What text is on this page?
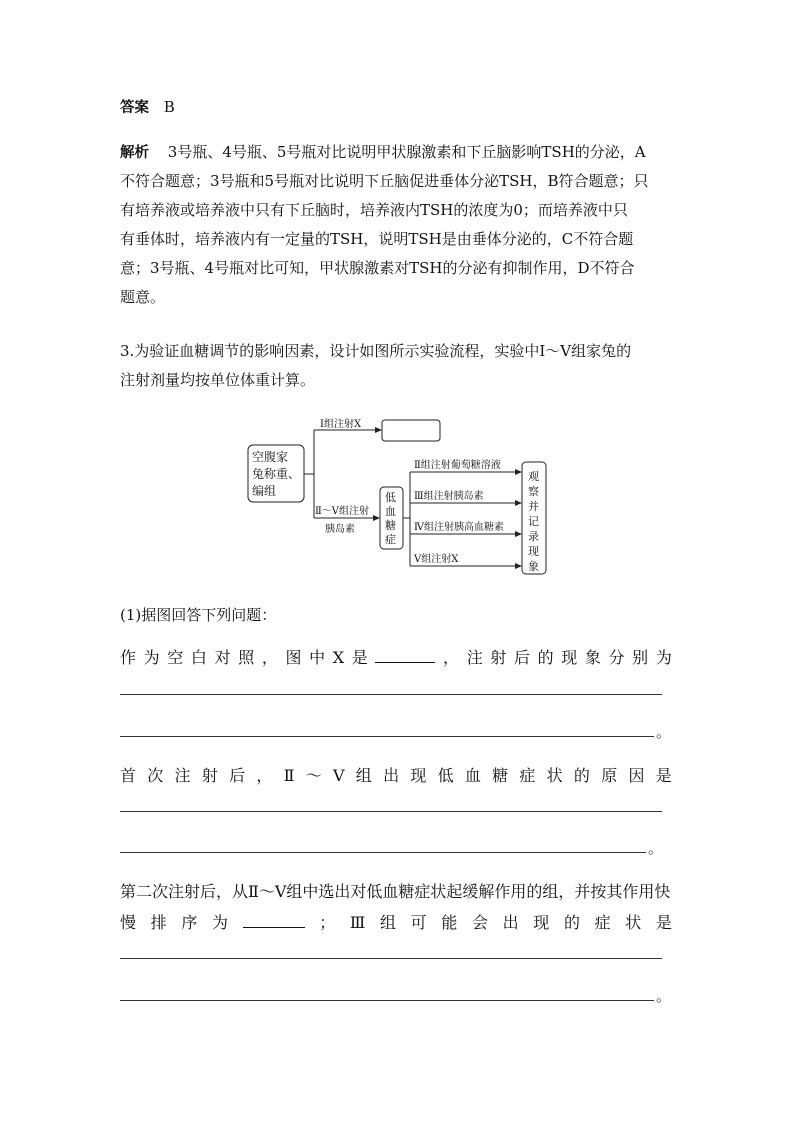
答案 B
解析 3号瓶、4号瓶、5号瓶对比说明甲状腺激素和下丘脑影响TSH的分泌，A
不符合题意；3号瓶和5号瓶对比说明下丘脑促进垂体分泌TSH，B符合题意；只
有培养液或培养液中只有下丘脑时，培养液内TSH的浓度为0；而培养液中只
有垂体时，培养液内有一定量的TSH，说明TSH是由垂体分泌的，C不符合题
意；3号瓶、4号瓶对比可知，甲状腺激素对TSH的分泌有抑制作用，D不符合
题意。
3.为验证血糖调节的影响因素，设计如图所示实验流程，实验中Ⅰ～Ⅴ组家兔的
注射剂量均按单位体重计算。
空腹家
兔称重、
编组
Ⅰ组注射X
Ⅱ～Ⅴ组注射
胰岛素
低
血
糖
症
Ⅱ组注射葡萄糖溶液
Ⅲ组注射胰岛素
Ⅳ组注射胰高血糖素
Ⅴ组注射X
观
察
并
记
录
现
象
(1)据图回答下列问题：
作 为 空 白 对 照 ， 图 中 X 是	， 注 射 后 的 现 象 分 别 为
。
首 次 注 射 后 ， Ⅱ ～ Ⅴ 组 出 现 低 血 糖 症 状 的 原 因 是
。
第二次注射后，从Ⅱ～Ⅴ组中选出对低血糖症状起缓解作用的组，并按其作用快
慢 排 序 为	； Ⅲ 组 可 能 会 出 现 的 症 状 是
。
